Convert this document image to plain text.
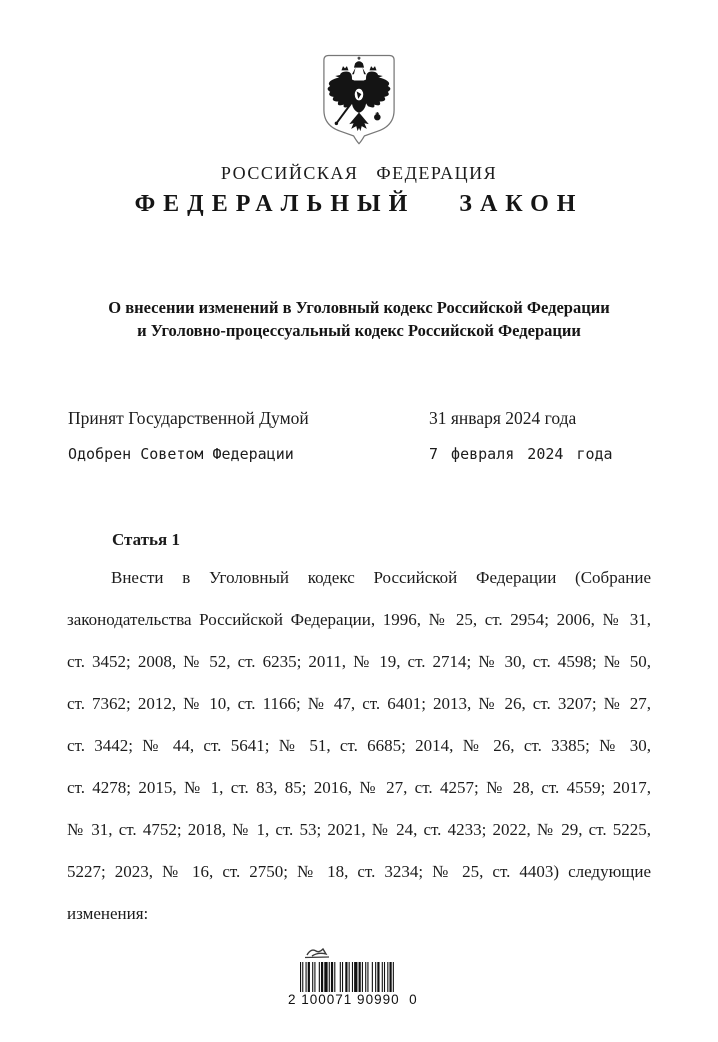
РОССИЙСКАЯ ФЕДЕРАЦИЯ
ФЕДЕРАЛЬНЫЙ ЗАКОН
О внесении изменений в Уголовный кодекс Российской Федерации
и Уголовно-процессуальный кодекс Российской Федерации
Принят Государственной Думой	31 января 2024 года
Одобрен Советом Федерации	7 февраля 2024 года
Статья 1
Внести в Уголовный кодекс Российской Федерации (Собрание
законодательства Российской Федерации, 1996, № 25, ст. 2954; 2006, № 31,
ст. 3452; 2008, № 52, ст. 6235; 2011, № 19, ст. 2714; № 30, ст. 4598; № 50,
ст. 7362; 2012, № 10, ст. 1166; № 47, ст. 6401; 2013, № 26, ст. 3207; № 27,
ст. 3442; № 44, ст. 5641; № 51, ст. 6685; 2014, № 26, ст. 3385; № 30,
ст. 4278; 2015, № 1, ст. 83, 85; 2016, № 27, ст. 4257; № 28, ст. 4559; 2017,
№ 31, ст. 4752; 2018, № 1, ст. 53; 2021, № 24, ст. 4233; 2022, № 29, ст. 5225,
5227; 2023, № 16, ст. 2750; № 18, ст. 3234; № 25, ст. 4403) следующие
изменения:
2 100071 90990  0
